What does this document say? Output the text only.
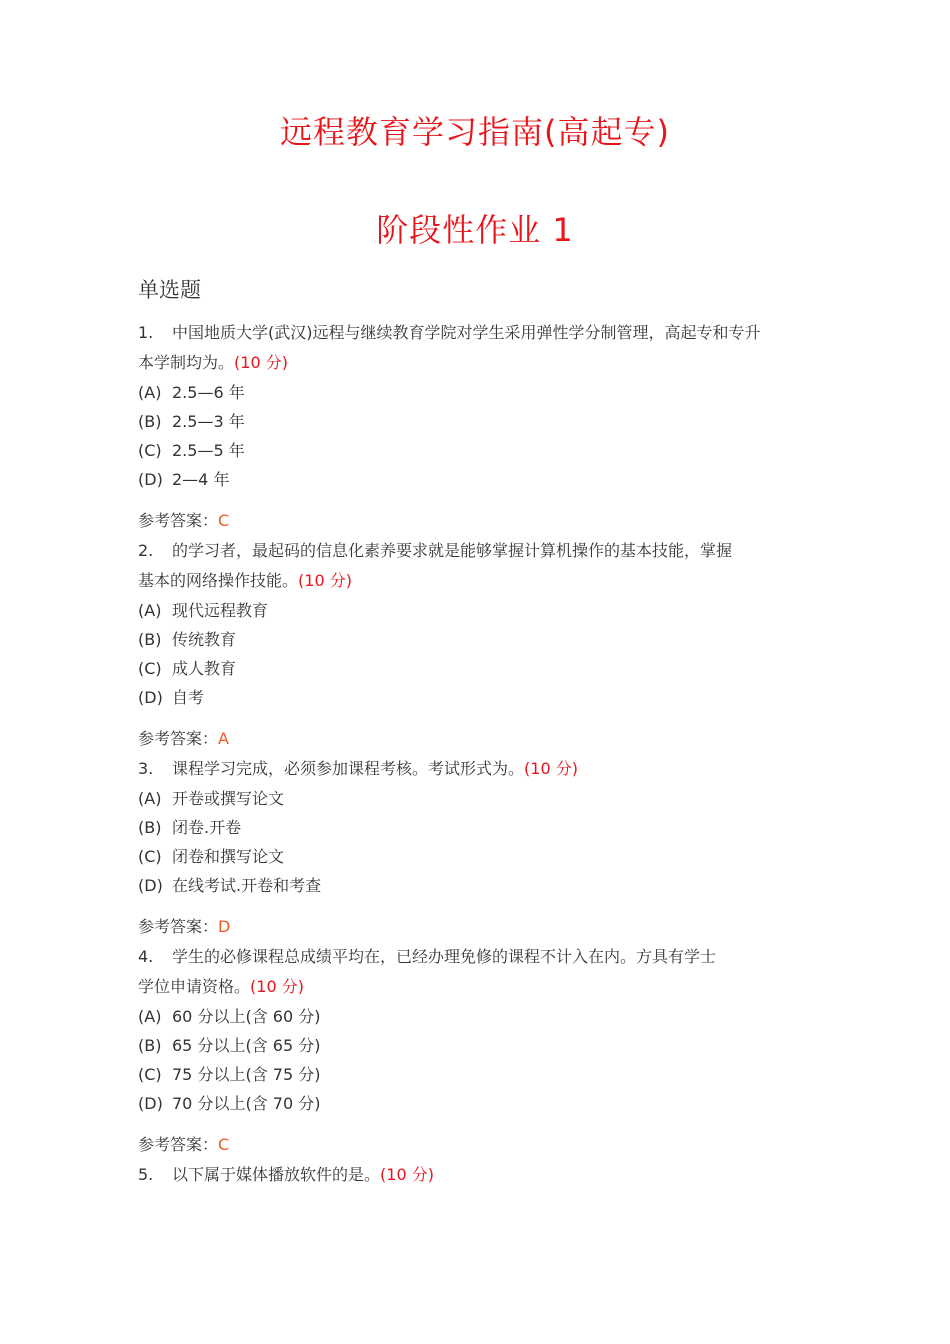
远程教育学习指南(高起专)
阶段性作业 1
单选题
1. 中国地质大学(武汉)远程与继续教育学院对学生采用弹性学分制管理，高起专和专升
本学制均为。(10 分)
(A) 2.5—6 年
(B) 2.5—3 年
(C) 2.5—5 年
(D) 2—4 年
参考答案：C
2. 的学习者，最起码的信息化素养要求就是能够掌握计算机操作的基本技能，掌握
基本的网络操作技能。(10 分)
(A) 现代远程教育
(B) 传统教育
(C) 成人教育
(D) 自考
参考答案：A
3. 课程学习完成，必须参加课程考核。考试形式为。(10 分)
(A) 开卷或撰写论文
(B) 闭卷.开卷
(C) 闭卷和撰写论文
(D) 在线考试.开卷和考查
参考答案：D
4. 学生的必修课程总成绩平均在，已经办理免修的课程不计入在内。方具有学士
学位申请资格。(10 分)
(A) 60 分以上(含 60 分)
(B) 65 分以上(含 65 分)
(C) 75 分以上(含 75 分)
(D) 70 分以上(含 70 分)
参考答案：C
5. 以下属于媒体播放软件的是。(10 分)
